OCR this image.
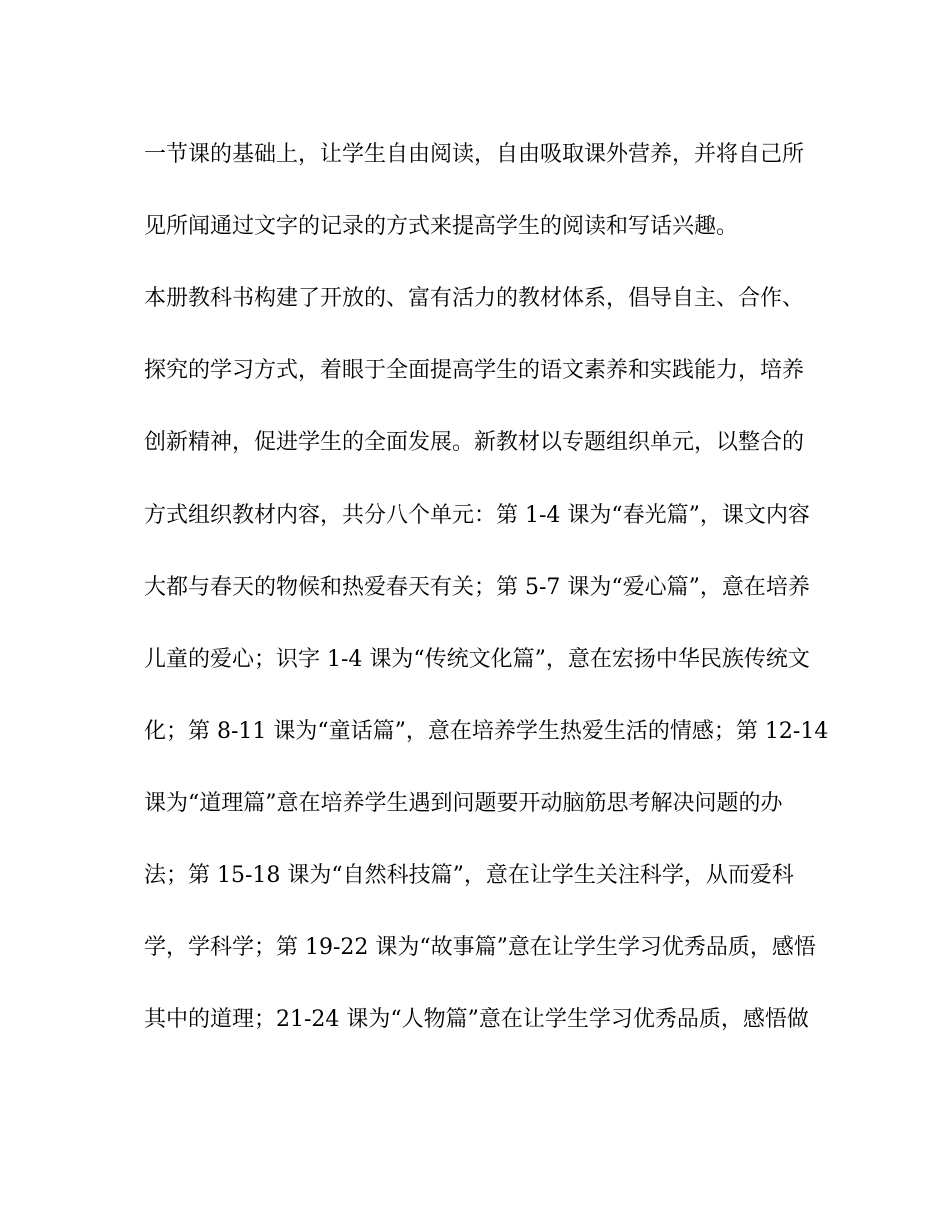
一节课的基础上，让学生自由阅读，自由吸取课外营养，并将自己所
见所闻通过文字的记录的方式来提高学生的阅读和写话兴趣。
本册教科书构建了开放的、富有活力的教材体系，倡导自主、合作、
探究的学习方式，着眼于全面提高学生的语文素养和实践能力，培养
创新精神，促进学生的全面发展。新教材以专题组织单元，以整合的
方式组织教材内容，共分八个单元：第 1-4 课为“春光篇”，课文内容
大都与春天的物候和热爱春天有关；第 5-7 课为“爱心篇”，意在培养
儿童的爱心；识字 1-4 课为“传统文化篇”，意在宏扬中华民族传统文
化；第 8-11 课为“童话篇”，意在培养学生热爱生活的情感；第 12-14
课为“道理篇”意在培养学生遇到问题要开动脑筋思考解决问题的办
法；第 15-18 课为“自然科技篇”，意在让学生关注科学，从而爱科
学，学科学；第 19-22 课为“故事篇”意在让学生学习优秀品质，感悟
其中的道理；21-24 课为“人物篇”意在让学生学习优秀品质，感悟做
